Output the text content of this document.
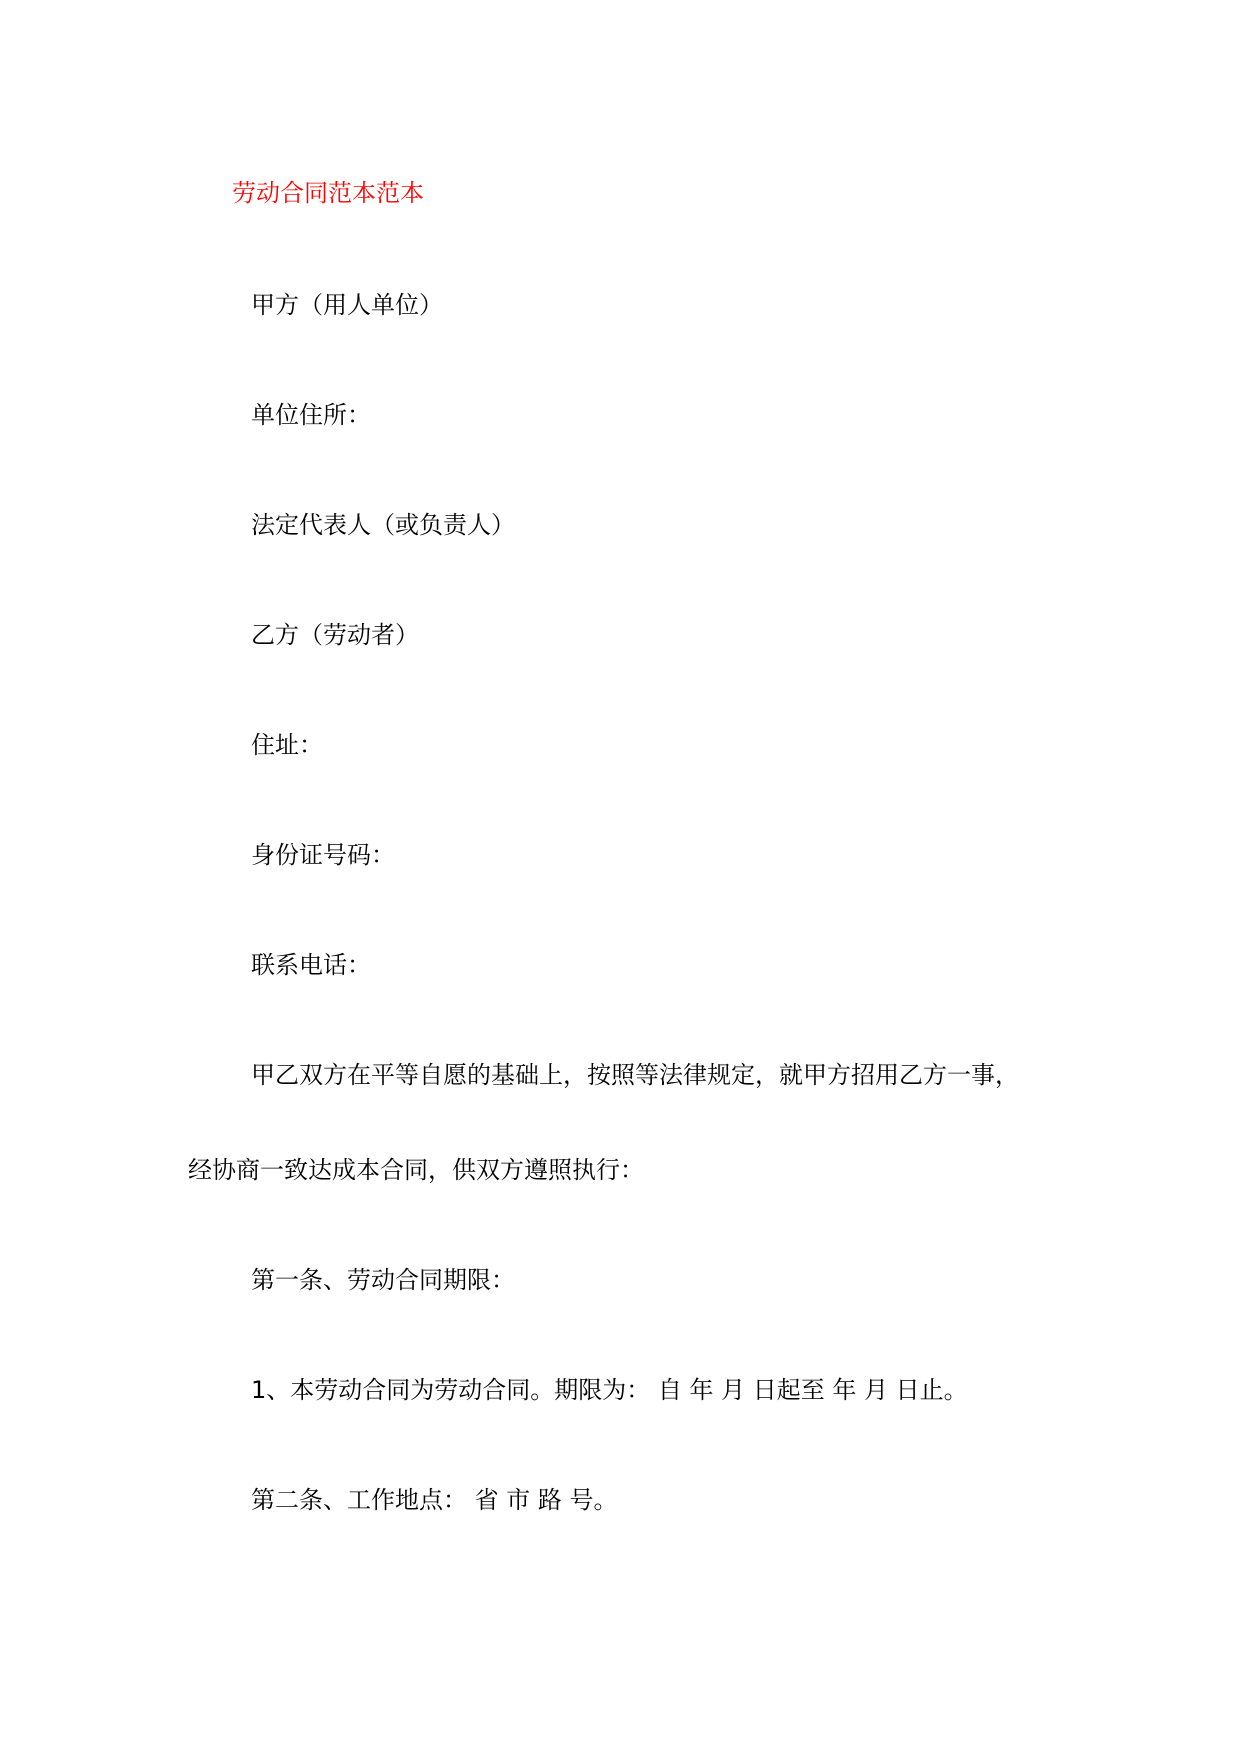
劳动合同范本范本
甲方（用人单位）
单位住所：
法定代表人（或负责人）
乙方（劳动者）
住址：
身份证号码：
联系电话：
甲乙双方在平等自愿的基础上，按照等法律规定，就甲方招用乙方一事，
经协商一致达成本合同，供双方遵照执行：
第一条、劳动合同期限：
1、本劳动合同为劳动合同。期限为： 自 年 月 日起至 年 月 日止。
第二条、工作地点： 省 市 路 号。
